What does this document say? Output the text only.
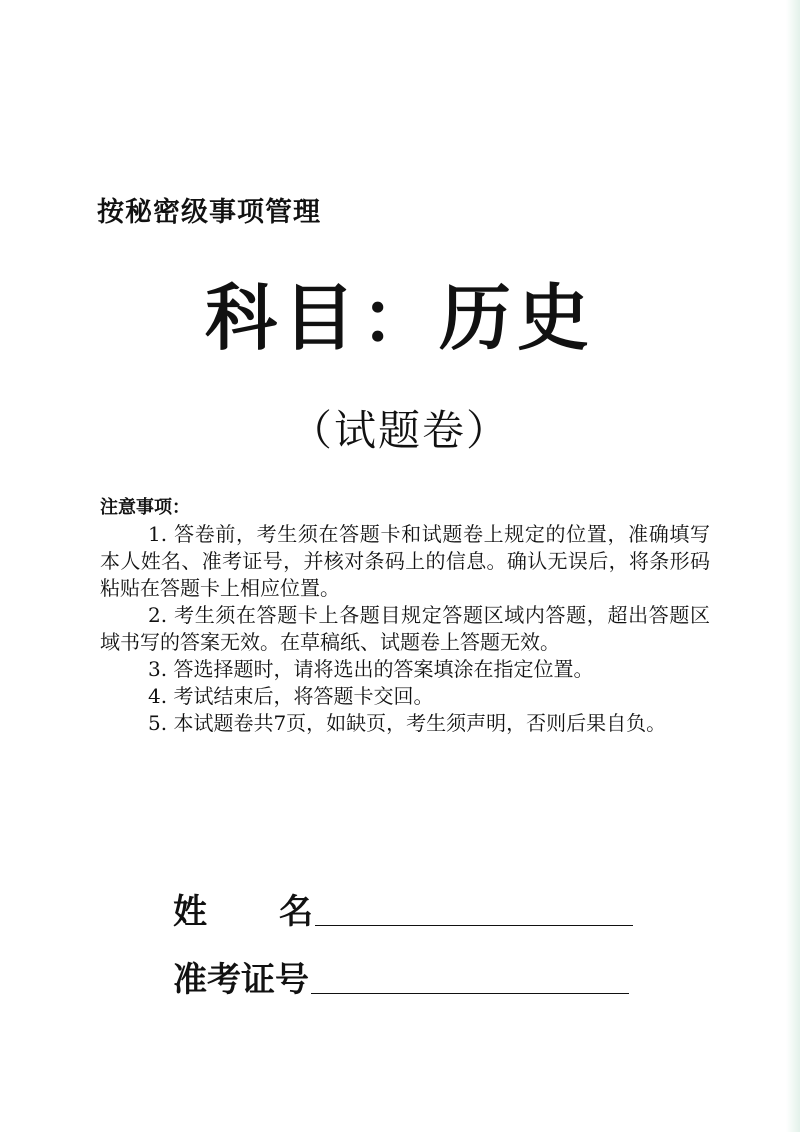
按秘密级事项管理
科目：历史
（试题卷）

注意事项：

1. 答卷前，考生须在答题卡和试题卷上规定的位置，准确填写本人姓名、准考证号，并核对条码上的信息。确认无误后，将条形码粘贴在答题卡上相应位置。

2. 考生须在答题卡上各题目规定答题区域内答题，超出答题区域书写的答案无效。在草稿纸、试题卷上答题无效。

3. 答选择题时，请将选出的答案填涂在指定位置。

4. 考试结束后，将答题卡交回。

5. 本试题卷共7页，如缺页，考生须声明，否则后果自负。

姓 名
准考证号
